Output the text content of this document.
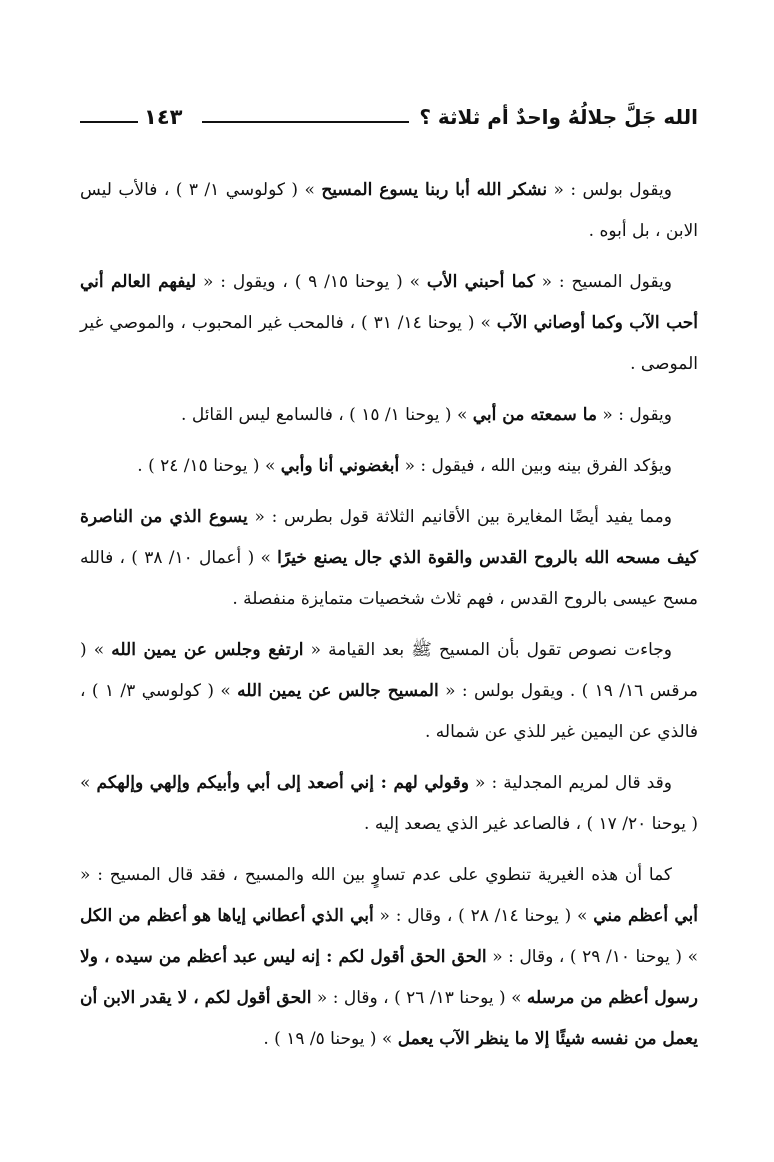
الله جَلَّ جلالُهُ واحدٌ أم ثلاثة ؟
١٤٣

ويقول بولس : « نشكر الله أبا ربنا يسوع المسيح » ( كولوسي ١/ ٣ ) ، فالأب ليس الابن ، بل أبوه .

ويقول المسيح : « كما أحبني الأب » ( يوحنا ١٥/ ٩ ) ، ويقول : « ليفهم العالم أني أحب الآب وكما أوصاني الآب » ( يوحنا ١٤/ ٣١ ) ، فالمحب غير المحبوب ، والموصي غير الموصى .

ويقول : « ما سمعته من أبي » ( يوحنا ١/ ١٥ ) ، فالسامع ليس القائل .

ويؤكد الفرق بينه وبين الله ، فيقول : « أبغضوني أنا وأبي » ( يوحنا ١٥/ ٢٤ ) .

ومما يفيد أيضًا المغايرة بين الأقانيم الثلاثة قول بطرس : « يسوع الذي من الناصرة كيف مسحه الله بالروح القدس والقوة الذي جال يصنع خيرًا » ( أعمال ١٠/ ٣٨ ) ، فالله مسح عيسى بالروح القدس ، فهم ثلاث شخصيات متمايزة منفصلة .

وجاءت نصوص تقول بأن المسيح ﷺ بعد القيامة « ارتفع وجلس عن يمين الله » ( مرقس ١٦/ ١٩ ) . ويقول بولس : « المسيح جالس عن يمين الله » ( كولوسي ٣/ ١ ) ، فالذي عن اليمين غير للذي عن شماله .

وقد قال لمريم المجدلية : « وقولي لهم : إني أصعد إلى أبي وأبيكم وإلهي وإلهكم » ( يوحنا ٢٠/ ١٧ ) ، فالصاعد غير الذي يصعد إليه .

كما أن هذه الغيرية تنطوي على عدم تساوٍ بين الله والمسيح ، فقد قال المسيح : « أبي أعظم مني » ( يوحنا ١٤/ ٢٨ ) ، وقال : « أبي الذي أعطاني إياها هو أعظم من الكل » ( يوحنا ١٠/ ٢٩ ) ، وقال : « الحق الحق أقول لكم : إنه ليس عبد أعظم من سيده ، ولا رسول أعظم من مرسله » ( يوحنا ١٣/ ٢٦ ) ، وقال : « الحق أقول لكم ، لا يقدر الابن أن يعمل من نفسه شيئًا إلا ما ينظر الآب يعمل » ( يوحنا ٥/ ١٩ ) .
